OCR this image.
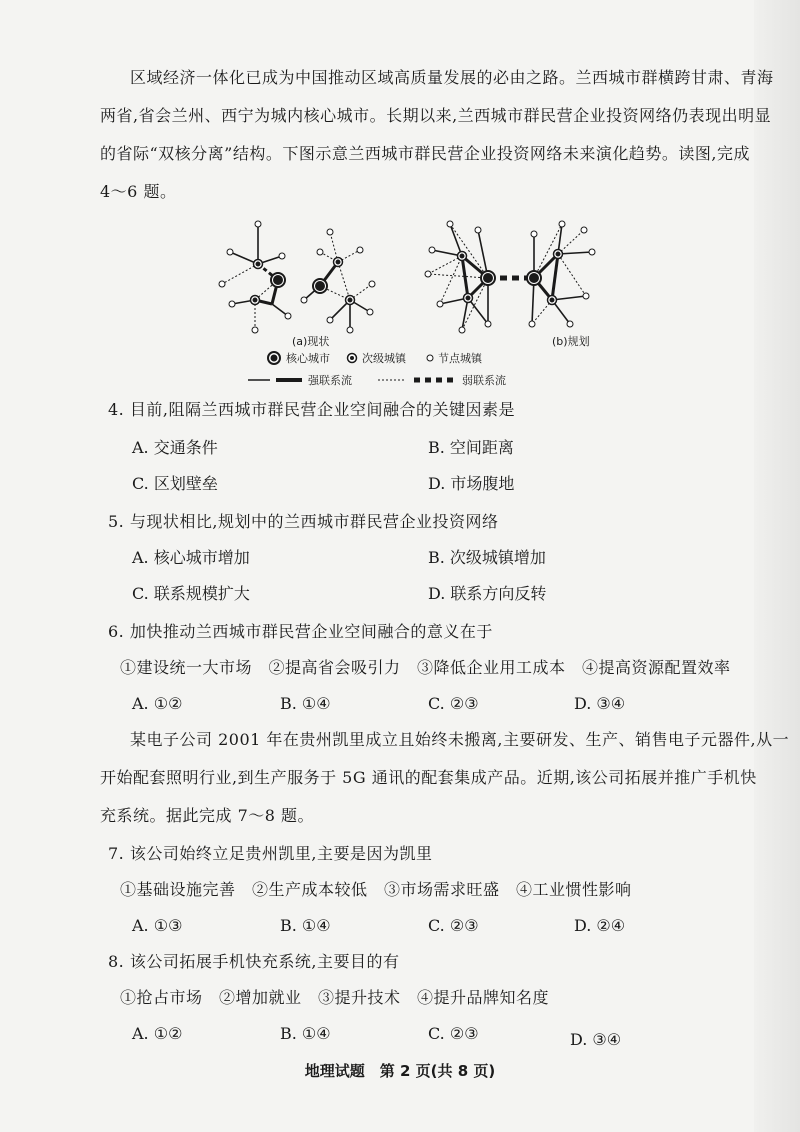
区域经济一体化已成为中国推动区域高质量发展的必由之路。兰西城市群横跨甘肃、青海
两省,省会兰州、西宁为城内核心城市。长期以来,兰西城市群民营企业投资网络仍表现出明显
的省际“双核分离”结构。下图示意兰西城市群民营企业投资网络未来演化趋势。读图,完成
4～6 题。
(a)现状	(b)规划
核心城市	次级城镇	节点城镇
强联系流	弱联系流
4. 目前,阻隔兰西城市群民营企业空间融合的关键因素是
A. 交通条件	B. 空间距离
C. 区划壁垒	D. 市场腹地
5. 与现状相比,规划中的兰西城市群民营企业投资网络
A. 核心城市增加	B. 次级城镇增加
C. 联系规模扩大	D. 联系方向反转
6. 加快推动兰西城市群民营企业空间融合的意义在于
①建设统一大市场　②提高省会吸引力　③降低企业用工成本　④提高资源配置效率
A. ①②	B. ①④	C. ②③	D. ③④
某电子公司 2001 年在贵州凯里成立且始终未搬离,主要研发、生产、销售电子元器件,从一
开始配套照明行业,到生产服务于 5G 通讯的配套集成产品。近期,该公司拓展并推广手机快
充系统。据此完成 7～8 题。
7. 该公司始终立足贵州凯里,主要是因为凯里
①基础设施完善　②生产成本较低　③市场需求旺盛　④工业惯性影响
A. ①③	B. ①④	C. ②③	D. ②④
8. 该公司拓展手机快充系统,主要目的有
①抢占市场　②增加就业　③提升技术　④提升品牌知名度
A. ①②	B. ①④	C. ②③	D. ③④
地理试题　第 2 页(共 8 页)
